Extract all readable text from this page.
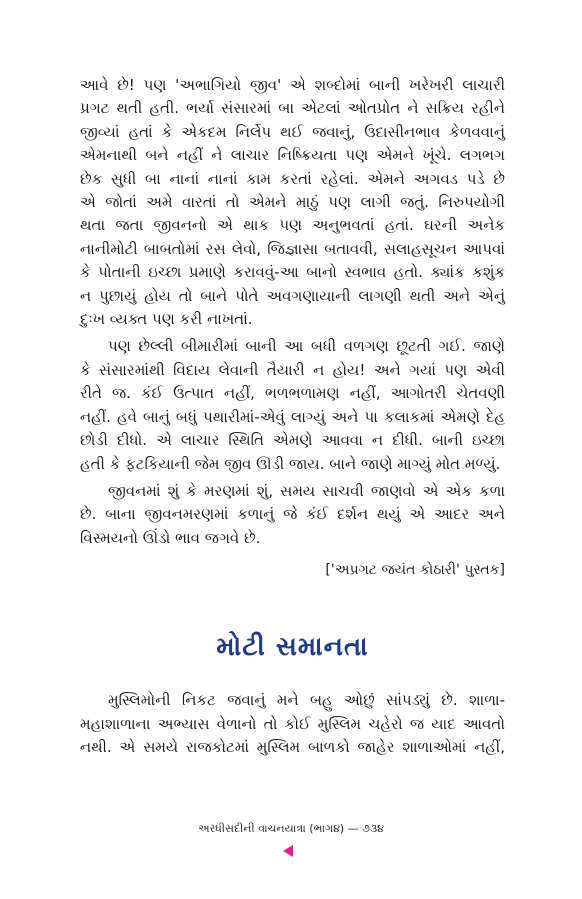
આવે છે! પણ 'અભાગિયો જીવ' એ શબ્દોમાં બાની ખરેખરી લાચારી
પ્રગટ થતી હતી. ભર્યા સંસારમાં બા એટલાં ઓતપ્રોત ને સક્રિય રહીને
જીવ્યાં હતાં કે એકદમ નિર્લેપ થઈ જવાનું, ઉદાસીનભાવ કેળવવાનું
એમનાથી બને નહીં ને લાચાર નિષ્ક્રિયતા પણ એમને ખૂંચે. લગભગ
છેક સુધી બા નાનાં નાનાં કામ કરતાં રહેલાં. એમને અગવડ પડે છે
એ જોતાં અમે વારતાં તો એમને માઠું પણ લાગી જતું. નિરુપયોગી
થતા જતા જીવનનો એ થાક પણ અનુભવતાં હતાં. ઘરની અનેક
નાનીમોટી બાબતોમાં રસ લેવો, જિજ્ઞાસા બતાવવી, સલાહસૂચન આપવાં
કે પોતાની ઇચ્છા પ્રમાણે કરાવવું-આ બાનો સ્વભાવ હતો. ક્યાંક કશુંક
ન પુછાયું હોય તો બાને પોતે અવગણાયાની લાગણી થતી અને એનું
દુઃખ વ્યક્ત પણ કરી નાખતાં.
પણ છેલ્લી બીમારીમાં બાની આ બધી વળગણ છૂટતી ગઈ. જાણે
કે સંસારમાંથી વિદાય લેવાની તૈયારી ન હોય! અને ગયાં પણ એવી
રીતે જ. કંઈ ઉત્પાત નહીં, ભળભળામણ નહીં, આગોતરી ચેતવણી
નહીં. હવે બાનું બધું પથારીમાં-એવું લાગ્યું અને પા કલાકમાં એમણે દેહ
છોડી દીધો. એ લાચાર સ્થિતિ એમણે આવવા ન દીધી. બાની ઇચ્છા
હતી કે ફટકિયાની જેમ જીવ ઊડી જાય. બાને જાણે માગ્યું મોત મળ્યું.
જીવનમાં શું કે મરણમાં શું, સમય સાચવી જાણવો એ એક કળા
છે. બાના જીવનમરણમાં કળાનું જે કંઈ દર્શન થયું એ આદર અને
વિસ્મયનો ઊંડો ભાવ જગવે છે.
['અપ્રગટ જયંત કોઠારી' પુસ્તક]
મોટી સમાનતા
મુસ્લિમોની નિકટ જવાનું મને બહુ ઓછું સાંપડ્યું છે. શાળા-
મહાશાળાના અભ્યાસ વેળાનો તો કોઈ મુસ્લિમ ચહેરો જ યાદ આવતો
નથી. એ સમયે રાજકોટમાં મુસ્લિમ બાળકો જાહેર શાળાઓમાં નહીં,
અરધીસદીની વાચનયાત્રા (ભાગ૪) — ૭૩૪
